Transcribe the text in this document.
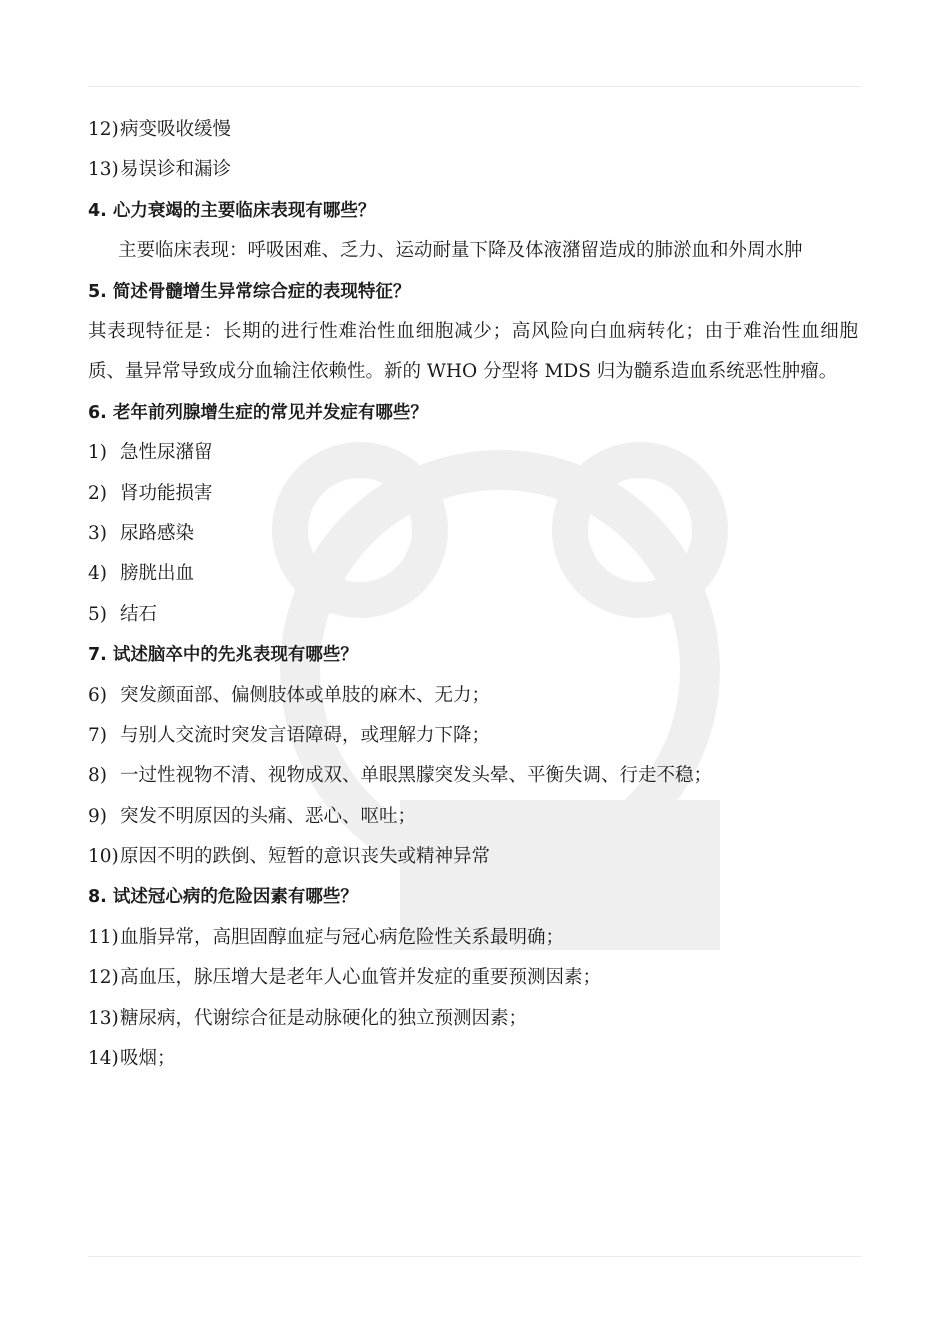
12)病变吸收缓慢
13)易误诊和漏诊
4. 心力衰竭的主要临床表现有哪些？
主要临床表现：呼吸困难、乏力、运动耐量下降及体液潴留造成的肺淤血和外周水肿
5. 简述骨髓增生异常综合症的表现特征？
其表现特征是：长期的进行性难治性血细胞减少；高风险向白血病转化；由于难治性血细胞质、量异常导致成分血输注依赖性。新的 WHO 分型将 MDS 归为髓系造血系统恶性肿瘤。
6. 老年前列腺增生症的常见并发症有哪些？
1) 急性尿潴留
2) 肾功能损害
3) 尿路感染
4) 膀胱出血
5) 结石
7. 试述脑卒中的先兆表现有哪些？
6) 突发颜面部、偏侧肢体或单肢的麻木、无力；
7) 与别人交流时突发言语障碍，或理解力下降；
8) 一过性视物不清、视物成双、单眼黑朦突发头晕、平衡失调、行走不稳；
9) 突发不明原因的头痛、恶心、呕吐；
10)原因不明的跌倒、短暂的意识丧失或精神异常
8. 试述冠心病的危险因素有哪些？
11)血脂异常，高胆固醇血症与冠心病危险性关系最明确；
12)高血压，脉压增大是老年人心血管并发症的重要预测因素；
13)糖尿病，代谢综合征是动脉硬化的独立预测因素；
14)吸烟；
